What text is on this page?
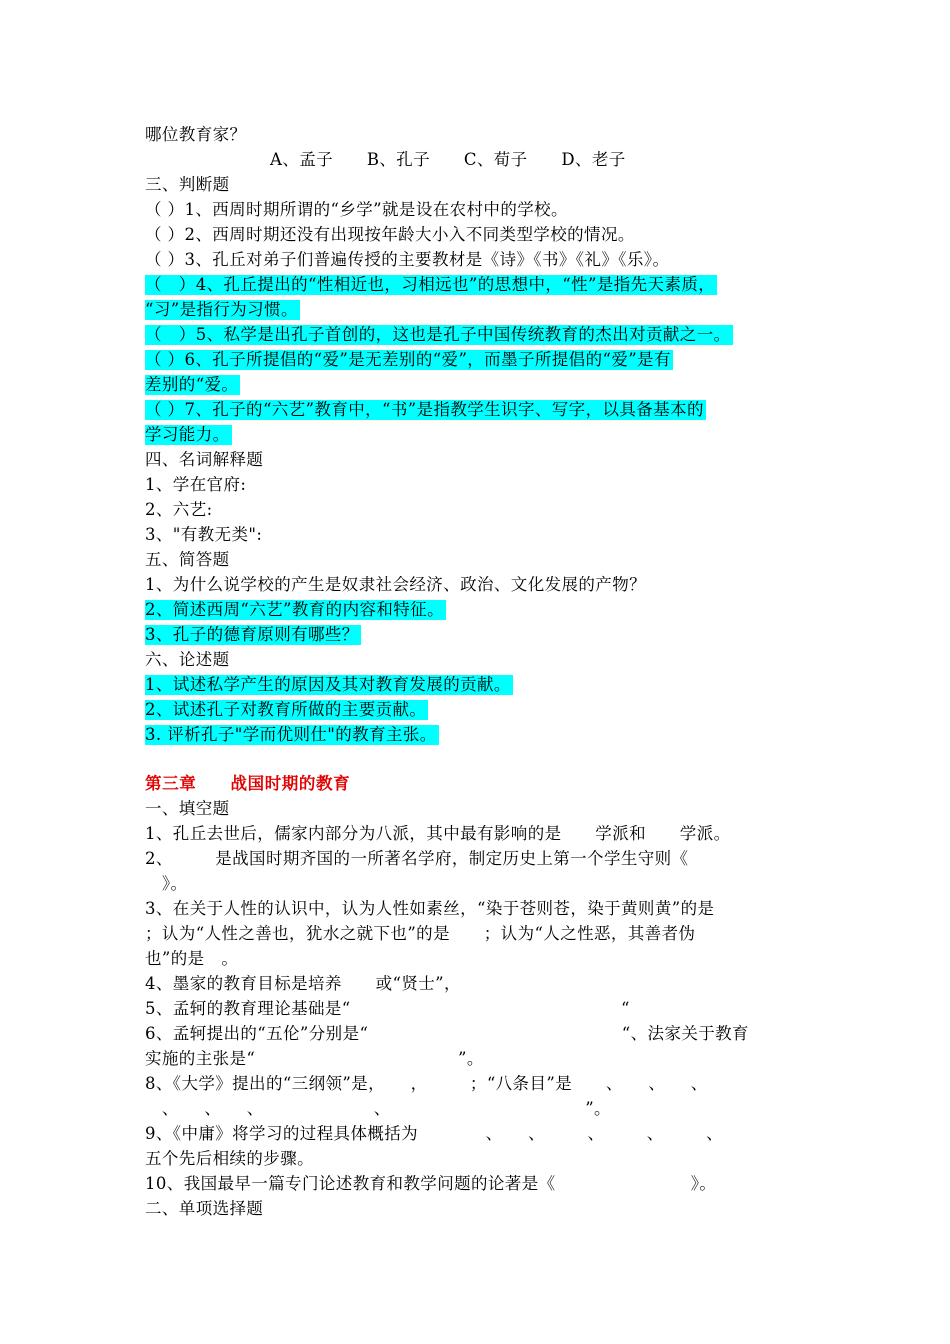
哪位教育家？
A、孟子　　B、孔子　　C、荀子　　D、老子
三、判断题
（ ）1、西周时期所谓的“乡学”就是设在农村中的学校。
（ ）2、西周时期还没有出现按年龄大小入不同类型学校的情况。
（ ）3、孔丘对弟子们普遍传授的主要教材是《诗》《书》《礼》《乐》。
（　）4、孔丘提出的“性相近也，习相远也”的思想中，“性”是指先天素质，
“习”是指行为习惯。
（　）5、私学是出孔子首创的，这也是孔子中国传统教育的杰出对贡献之一。
（ ）6、孔子所提倡的“爱”是无差别的“爱”，而墨子所提倡的“爱”是有
差别的“爱。
（ ）7、孔子的“六艺”教育中，“书”是指教学生识字、写字，以具备基本的
学习能力。
四、名词解释题
1、学在官府:
2、六艺:
3、"有教无类":
五、简答题
1、为什么说学校的产生是奴隶社会经济、政治、文化发展的产物？
2、简述西周“六艺”教育的内容和特征。
3、孔子的德育原则有哪些？
六、论述题
1、试述私学产生的原因及其对教育发展的贡献。
2、试述孔子对教育所做的主要贡献。
3. 评析孔子"学而优则仕"的教育主张。
第三章　　战国时期的教育
一、填空题
1、孔丘去世后，儒家内部分为八派，其中最有影响的是　　学派和　　学派。
2、　　　是战国时期齐国的一所著名学府，制定历史上第一个学生守则《
　》。
3、在关于人性的认识中，认为人性如素丝，“染于苍则苍，染于黄则黄”的是
；认为“人性之善也，犹水之就下也”的是　　；认为“人之性恶，其善者伪
也”的是　。
4、墨家的教育目标是培养　　或“贤士”，
5、孟轲的教育理论基础是“　　　　　　　　　　　　　　　　“
6、孟轲提出的“五伦”分别是“　　　　　　　　　　　　　　　“、法家关于教育
实施的主张是“　　　　　　　　　　　　”。
8、《大学》提出的“三纲领”是，　　，　　　；“八条目”是　　、　　、　　、
　、　　、　　、　　　　　　　、　　　　　　　　　　　　”。
9、《中庸》将学习的过程具体概括为　　　　、　　、　　　、　　　、　　　、
五个先后相续的步骤。
10、我国最早一篇专门论述教育和教学问题的论著是《　　　　　　　　》。
二、单项选择题
